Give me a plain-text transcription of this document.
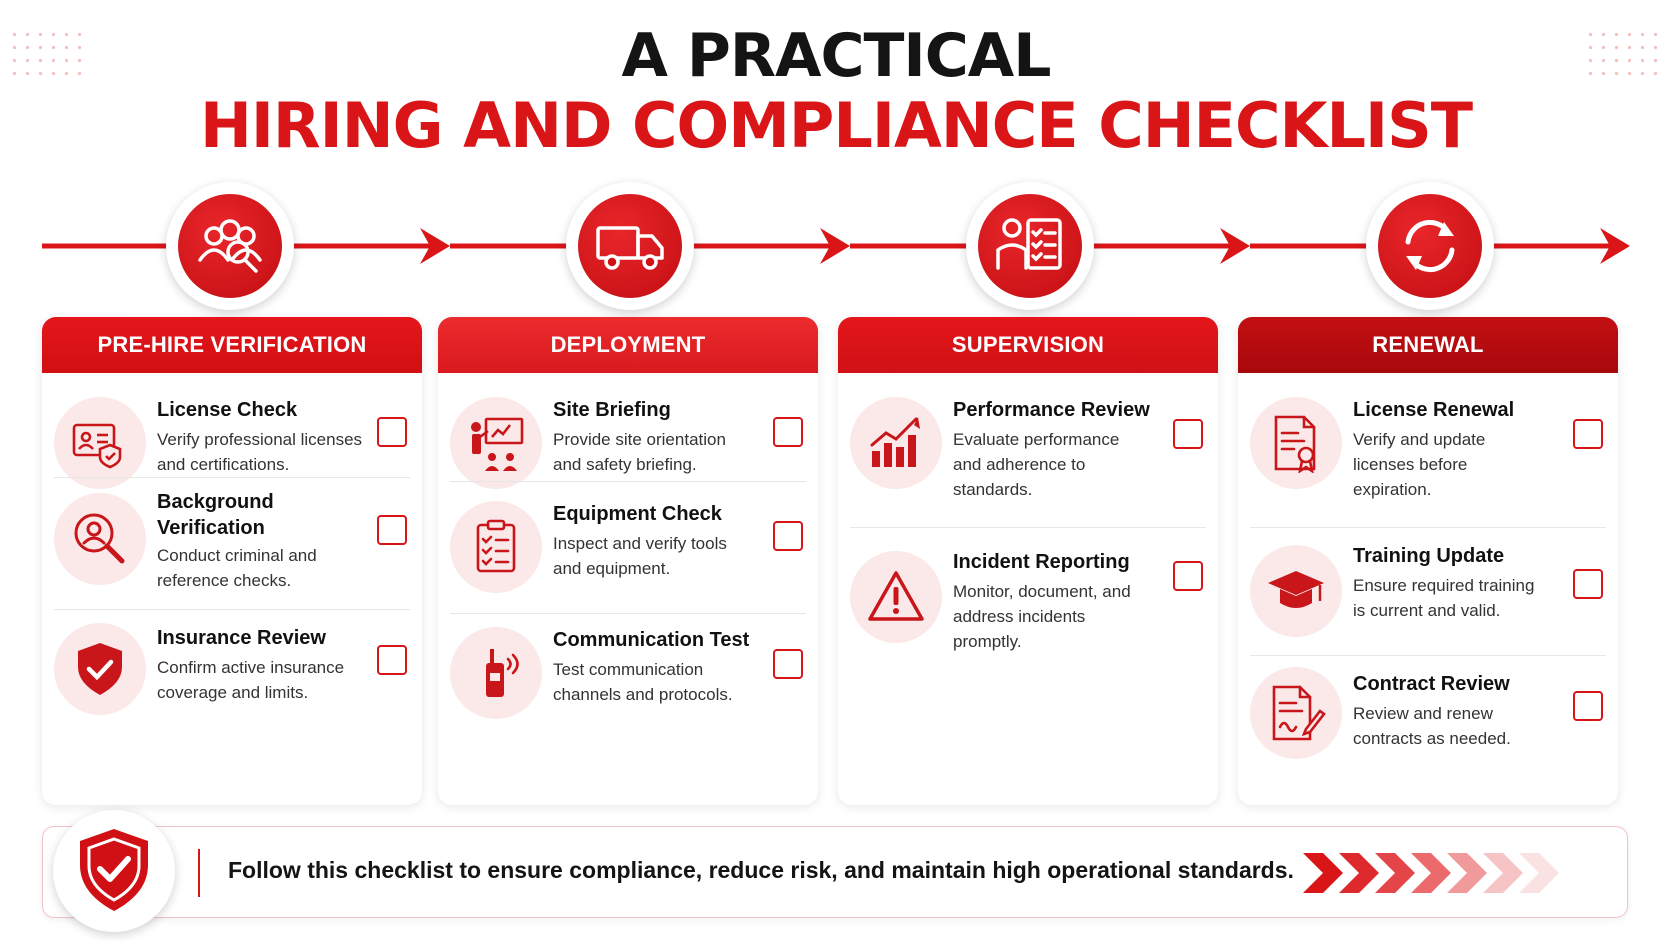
A PRACTICAL
HIRING AND COMPLIANCE CHECKLIST
PRE-HIRE VERIFICATION
License Check
Verify professional licenses
and certifications.
Background
Verification
Conduct criminal and
reference checks.
Insurance Review
Confirm active insurance
coverage and limits.
DEPLOYMENT
Site Briefing
Provide site orientation
and safety briefing.
Equipment Check
Inspect and verify tools
and equipment.
Communication Test
Test communication
channels and protocols.
SUPERVISION
Performance Review
Evaluate performance
and adherence to
standards.
Incident Reporting
Monitor, document, and
address incidents
promptly.
RENEWAL
License Renewal
Verify and update
licenses before
expiration.
Training Update
Ensure required training
is current and valid.
Contract Review
Review and renew
contracts as needed.
Follow this checklist to ensure compliance, reduce risk, and maintain high operational standards.
